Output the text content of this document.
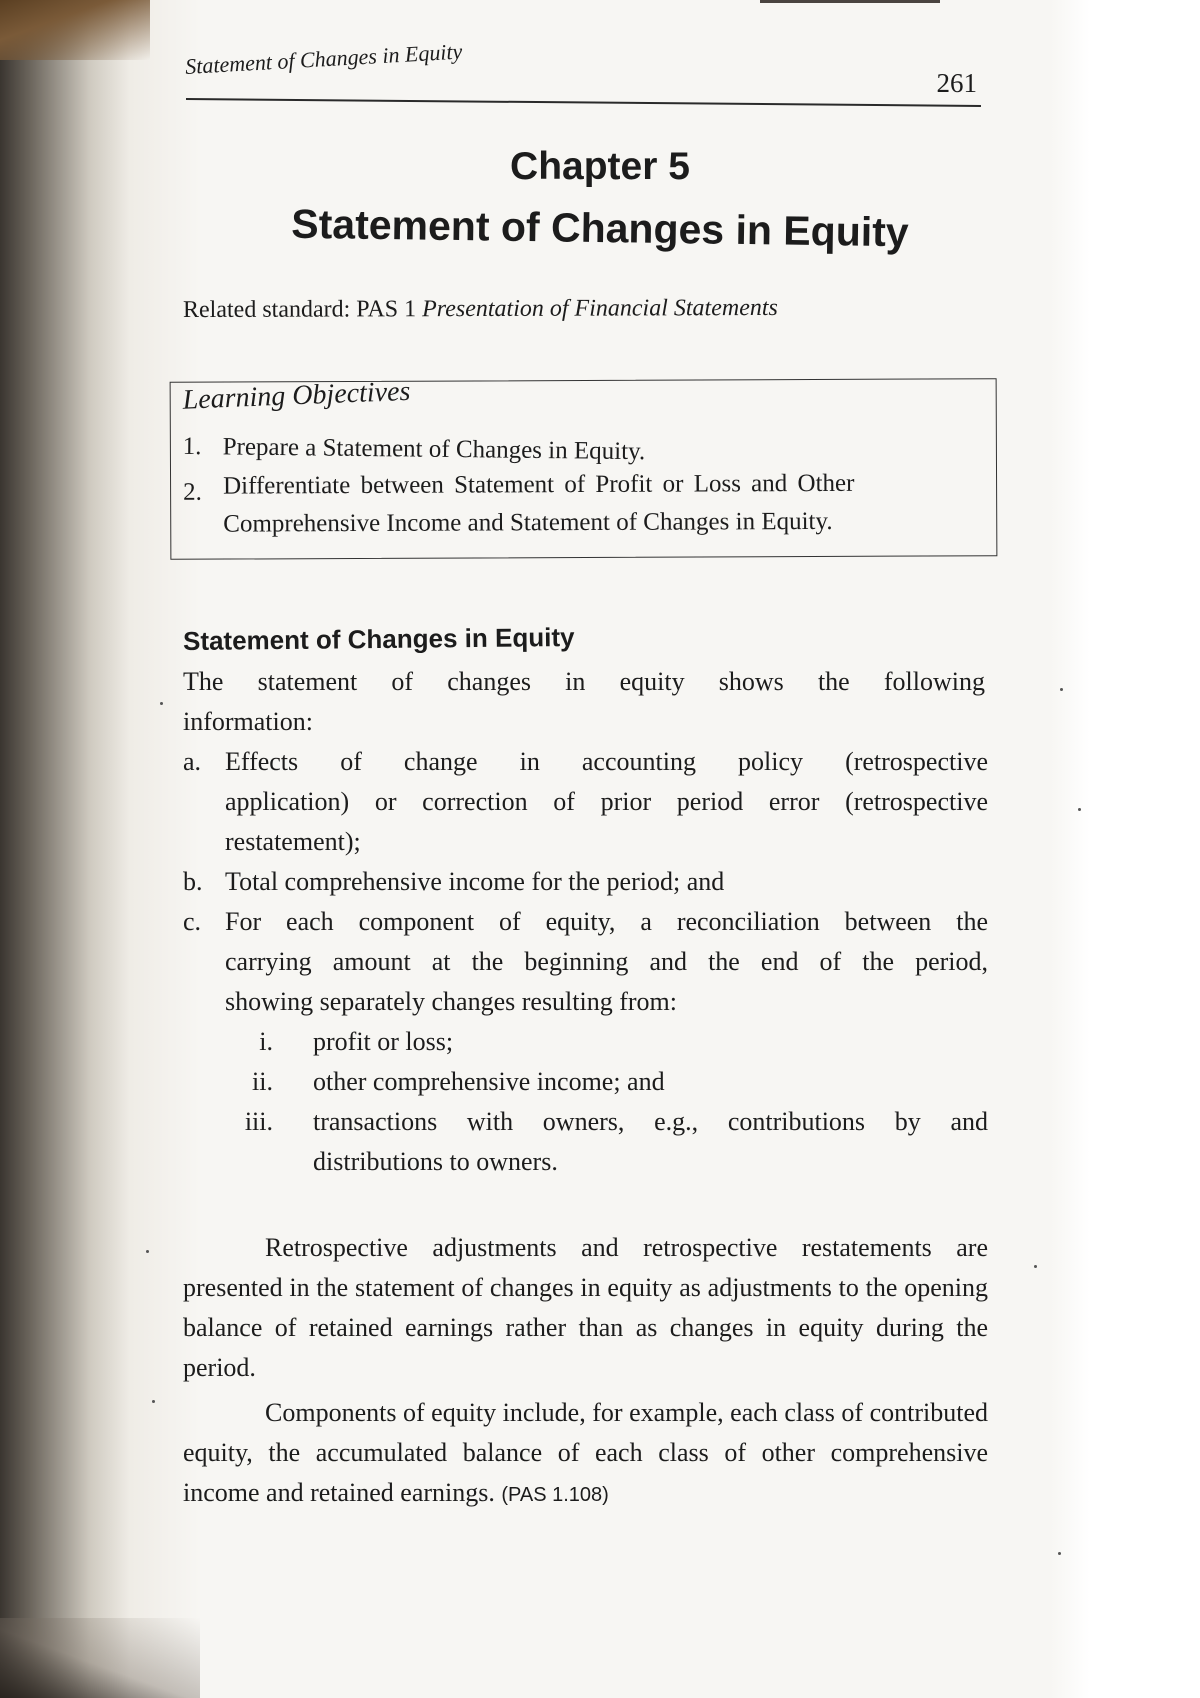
Statement of Changes in Equity
261
Chapter 5
Statement of Changes in Equity
Related standard: PAS 1 Presentation of Financial Statements
Learning Objectives
1. Prepare a Statement of Changes in Equity.
2. Differentiate between Statement of Profit or Loss and Other
Comprehensive Income and Statement of Changes in Equity.
Statement of Changes in Equity
The statement of changes in equity shows the following
information:
a. Effects of change in accounting policy (retrospective
application) or correction of prior period error (retrospective
restatement);
b. Total comprehensive income for the period; and
c. For each component of equity, a reconciliation between the
carrying amount at the beginning and the end of the period,
showing separately changes resulting from:
i. profit or loss;
ii. other comprehensive income; and
iii. transactions with owners, e.g., contributions by and
distributions to owners.
Retrospective adjustments and retrospective restatements are presented in the statement of changes in equity as adjustments to the opening balance of retained earnings rather than as changes in equity during the period.
Components of equity include, for example, each class of contributed equity, the accumulated balance of each class of other comprehensive income and retained earnings. (PAS 1.108)
